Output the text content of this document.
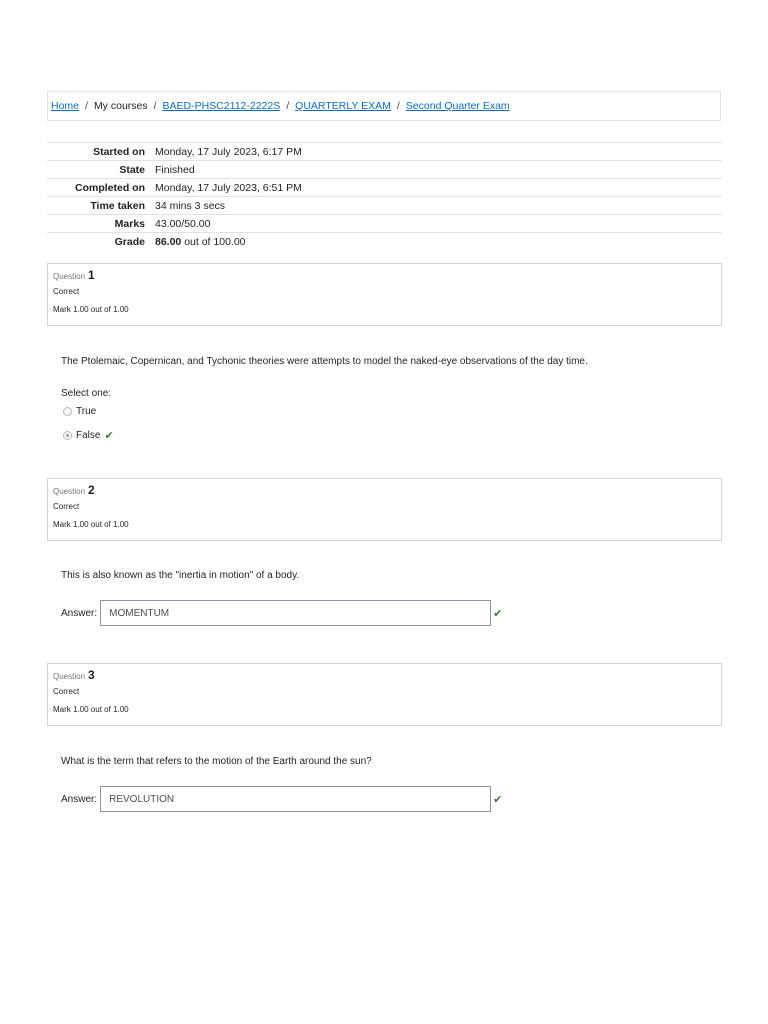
Home / My courses / BAED-PHSC2112-2222S / QUARTERLY EXAM / Second Quarter Exam
Started on	Monday, 17 July 2023, 6:17 PM
State	Finished
Completed on	Monday, 17 July 2023, 6:51 PM
Time taken	34 mins 3 secs
Marks	43.00/50.00
Grade	86.00 out of 100.00
Question 1
Correct
Mark 1.00 out of 1.00
The Ptolemaic, Copernican, and Tychonic theories were attempts to model the naked-eye observations of the day time.
Select one:
True
False ✔
Question 2
Correct
Mark 1.00 out of 1.00
This is also known as the "inertia in motion" of a body.
Answer:	MOMENTUM	✔
Question 3
Correct
Mark 1.00 out of 1.00
What is the term that refers to the motion of the Earth around the sun?
Answer:	REVOLUTION	✔
